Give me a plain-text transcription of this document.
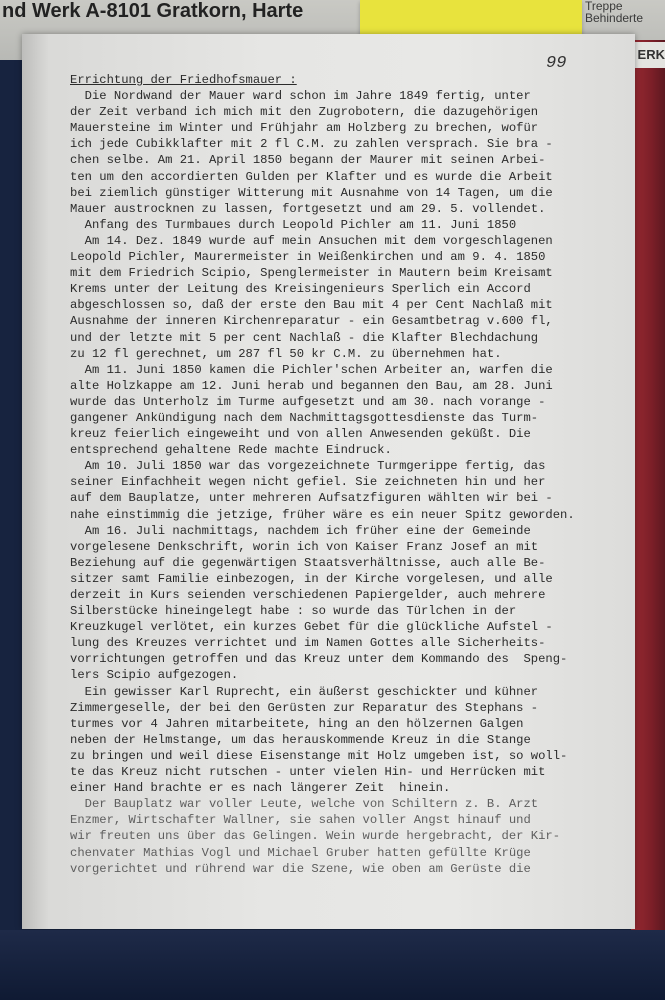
nd Werk A-8101 Gratkorn, Harte	Treppe
Behinderte
ERK
99
Errichtung der Friedhofsmauer :
Die Nordwand der Mauer ward schon im Jahre 1849 fertig, unter
der Zeit verband ich mich mit den Zugrobotern, die dazugehörigen
Mauersteine im Winter und Frühjahr am Holzberg zu brechen, wofür
ich jede Cubikklafter mit 2 fl C.M. zu zahlen versprach. Sie bra -
chen selbe. Am 21. April 1850 begann der Maurer mit seinen Arbei-
ten um den accordierten Gulden per Klafter und es wurde die Arbeit
bei ziemlich günstiger Witterung mit Ausnahme von 14 Tagen, um die
Mauer austrocknen zu lassen, fortgesetzt und am 29. 5. vollendet.
Anfang des Turmbaues durch Leopold Pichler am 11. Juni 1850
Am 14. Dez. 1849 wurde auf mein Ansuchen mit dem vorgeschlagenen
Leopold Pichler, Maurermeister in Weißenkirchen und am 9. 4. 1850
mit dem Friedrich Scipio, Spenglermeister in Mautern beim Kreisamt
Krems unter der Leitung des Kreisingenieurs Sperlich ein Accord
abgeschlossen so, daß der erste den Bau mit 4 per Cent Nachlaß mit
Ausnahme der inneren Kirchenreparatur - ein Gesamtbetrag v.600 fl,
und der letzte mit 5 per cent Nachlaß - die Klafter Blechdachung
zu 12 fl gerechnet, um 287 fl 50 kr C.M. zu übernehmen hat.
Am 11. Juni 1850 kamen die Pichler'schen Arbeiter an, warfen die
alte Holzkappe am 12. Juni herab und begannen den Bau, am 28. Juni
wurde das Unterholz im Turme aufgesetzt und am 30. nach vorange -
gangener Ankündigung nach dem Nachmittagsgottesdienste das Turm-
kreuz feierlich eingeweiht und von allen Anwesenden geküßt. Die
entsprechend gehaltene Rede machte Eindruck.
Am 10. Juli 1850 war das vorgezeichnete Turmgerippe fertig, das
seiner Einfachheit wegen nicht gefiel. Sie zeichneten hin und her
auf dem Bauplatze, unter mehreren Aufsatzfiguren wählten wir bei -
nahe einstimmig die jetzige, früher wäre es ein neuer Spitz geworden.
Am 16. Juli nachmittags, nachdem ich früher eine der Gemeinde
vorgelesene Denkschrift, worin ich von Kaiser Franz Josef an mit
Beziehung auf die gegenwärtigen Staatsverhältnisse, auch alle Be-
sitzer samt Familie einbezogen, in der Kirche vorgelesen, und alle
derzeit in Kurs seienden verschiedenen Papiergelder, auch mehrere
Silberstücke hineingelegt habe : so wurde das Türlchen in der
Kreuzkugel verlötet, ein kurzes Gebet für die glückliche Aufstel -
lung des Kreuzes verrichtet und im Namen Gottes alle Sicherheits-
vorrichtungen getroffen und das Kreuz unter dem Kommando des  Speng-
lers Scipio aufgezogen.
Ein gewisser Karl Ruprecht, ein äußerst geschickter und kühner
Zimmergeselle, der bei den Gerüsten zur Reparatur des Stephans -
turmes vor 4 Jahren mitarbeitete, hing an den hölzernen Galgen
neben der Helmstange, um das herauskommende Kreuz in die Stange
zu bringen und weil diese Eisenstange mit Holz umgeben ist, so woll-
te das Kreuz nicht rutschen - unter vielen Hin- und Herrücken mit
einer Hand brachte er es nach längerer Zeit  hinein.
Der Bauplatz war voller Leute, welche von Schiltern z. B. Arzt
Enzmer, Wirtschafter Wallner, sie sahen voller Angst hinauf und
wir freuten uns über das Gelingen. Wein wurde hergebracht, der Kir-
chenvater Mathias Vogl und Michael Gruber hatten gefüllte Krüge
vorgerichtet und rührend war die Szene, wie oben am Gerüste die
